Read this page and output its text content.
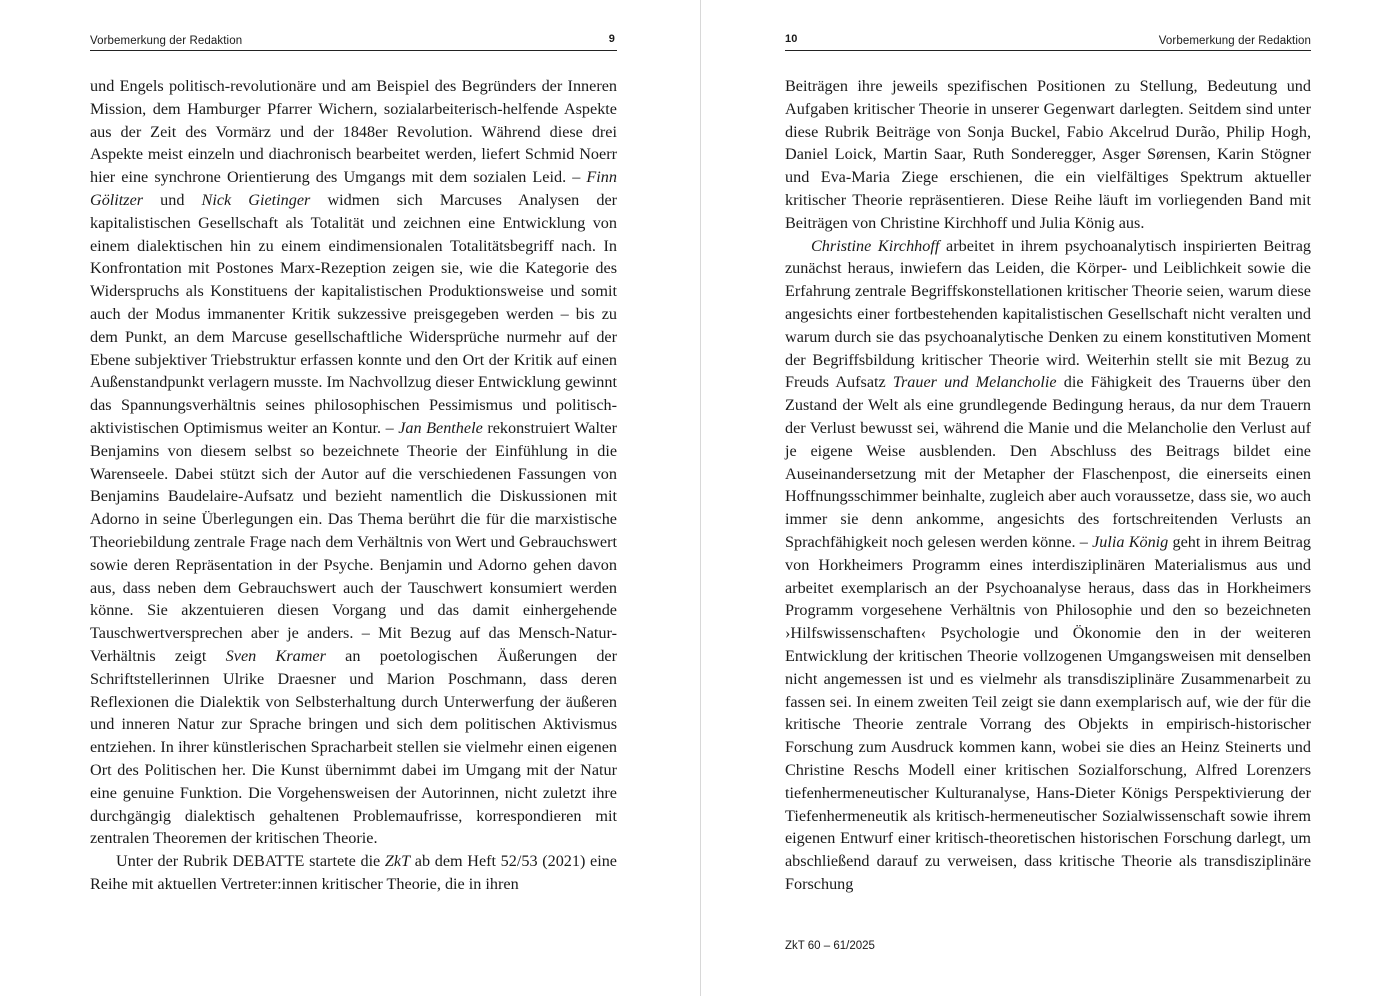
Vorbemerkung der Redaktion	9

und Engels politisch-revolutionäre und am Beispiel des Begründers der Inneren Mission, dem Hamburger Pfarrer Wichern, sozialarbeiterisch-helfende Aspekte aus der Zeit des Vormärz und der 1848er Revolution. Während diese drei Aspekte meist einzeln und diachronisch bearbeitet werden, liefert Schmid Noerr hier eine synchrone Orientierung des Umgangs mit dem sozialen Leid. – Finn Gölitzer und Nick Gietinger widmen sich Marcuses Analysen der kapitalistischen Gesellschaft als Totalität und zeichnen eine Entwicklung von einem dialektischen hin zu einem eindimensionalen Totalitätsbegriff nach. In Konfrontation mit Postones Marx-Rezeption zeigen sie, wie die Kategorie des Widerspruchs als Konstituens der kapitalistischen Produktionsweise und somit auch der Modus immanenter Kritik sukzessive preisgegeben werden – bis zu dem Punkt, an dem Marcuse gesellschaftliche Widersprüche nurmehr auf der Ebene subjektiver Triebstruktur erfassen konnte und den Ort der Kritik auf einen Außenstandpunkt verlagern musste. Im Nachvollzug dieser Entwicklung gewinnt das Spannungsverhältnis seines philosophischen Pessimismus und politisch-aktivistischen Optimismus weiter an Kontur. – Jan Benthele rekonstruiert Walter Benjamins von diesem selbst so bezeichnete Theorie der Einfühlung in die Warenseele. Dabei stützt sich der Autor auf die verschiedenen Fassungen von Benjamins Baudelaire-Aufsatz und bezieht namentlich die Diskussionen mit Adorno in seine Überlegungen ein. Das Thema berührt die für die marxistische Theoriebildung zentrale Frage nach dem Verhältnis von Wert und Gebrauchswert sowie deren Repräsentation in der Psyche. Benjamin und Adorno gehen davon aus, dass neben dem Gebrauchswert auch der Tauschwert konsumiert werden könne. Sie akzentuieren diesen Vorgang und das damit einhergehende Tauschwertversprechen aber je anders. – Mit Bezug auf das Mensch-Natur-Verhältnis zeigt Sven Kramer an poetologischen Äußerungen der Schriftstellerinnen Ulrike Draesner und Marion Poschmann, dass deren Reflexionen die Dialektik von Selbsterhaltung durch Unterwerfung der äußeren und inneren Natur zur Sprache bringen und sich dem politischen Aktivismus entziehen. In ihrer künstlerischen Spracharbeit stellen sie vielmehr einen eigenen Ort des Politischen her. Die Kunst übernimmt dabei im Umgang mit der Natur eine genuine Funktion. Die Vorgehensweisen der Autorinnen, nicht zuletzt ihre durchgängig dialektisch gehaltenen Problemaufrisse, korrespondieren mit zentralen Theoremen der kritischen Theorie.

Unter der Rubrik DEBATTE startete die ZkT ab dem Heft 52/53 (2021) eine Reihe mit aktuellen Vertreter:innen kritischer Theorie, die in ihren

10	Vorbemerkung der Redaktion

Beiträgen ihre jeweils spezifischen Positionen zu Stellung, Bedeutung und Aufgaben kritischer Theorie in unserer Gegenwart darlegten. Seitdem sind unter diese Rubrik Beiträge von Sonja Buckel, Fabio Akcelrud Durão, Philip Hogh, Daniel Loick, Martin Saar, Ruth Sonderegger, Asger Sørensen, Karin Stögner und Eva-Maria Ziege erschienen, die ein vielfältiges Spektrum aktueller kritischer Theorie repräsentieren. Diese Reihe läuft im vorliegenden Band mit Beiträgen von Christine Kirchhoff und Julia König aus.

Christine Kirchhoff arbeitet in ihrem psychoanalytisch inspirierten Beitrag zunächst heraus, inwiefern das Leiden, die Körper- und Leiblichkeit sowie die Erfahrung zentrale Begriffskonstellationen kritischer Theorie seien, warum diese angesichts einer fortbestehenden kapitalistischen Gesellschaft nicht veralten und warum durch sie das psychoanalytische Denken zu einem konstitutiven Moment der Begriffsbildung kritischer Theorie wird. Weiterhin stellt sie mit Bezug zu Freuds Aufsatz Trauer und Melancholie die Fähigkeit des Trauerns über den Zustand der Welt als eine grundlegende Bedingung heraus, da nur dem Trauern der Verlust bewusst sei, während die Manie und die Melancholie den Verlust auf je eigene Weise ausblenden. Den Abschluss des Beitrags bildet eine Auseinandersetzung mit der Metapher der Flaschenpost, die einerseits einen Hoffnungsschimmer beinhalte, zugleich aber auch voraussetze, dass sie, wo auch immer sie denn ankomme, angesichts des fortschreitenden Verlusts an Sprachfähigkeit noch gelesen werden könne. – Julia König geht in ihrem Beitrag von Horkheimers Programm eines interdisziplinären Materialismus aus und arbeitet exemplarisch an der Psychoanalyse heraus, dass das in Horkheimers Programm vorgesehene Verhältnis von Philosophie und den so bezeichneten ›Hilfswissenschaften‹ Psychologie und Ökonomie den in der weiteren Entwicklung der kritischen Theorie vollzogenen Umgangsweisen mit denselben nicht angemessen ist und es vielmehr als transdisziplinäre Zusammenarbeit zu fassen sei. In einem zweiten Teil zeigt sie dann exemplarisch auf, wie der für die kritische Theorie zentrale Vorrang des Objekts in empirisch-historischer Forschung zum Ausdruck kommen kann, wobei sie dies an Heinz Steinerts und Christine Reschs Modell einer kritischen Sozialforschung, Alfred Lorenzers tiefenhermeneutischer Kulturanalyse, Hans-Dieter Königs Perspektivierung der Tiefenhermeneutik als kritisch-hermeneutischer Sozialwissenschaft sowie ihrem eigenen Entwurf einer kritisch-theoretischen historischen Forschung darlegt, um abschließend darauf zu verweisen, dass kritische Theorie als transdisziplinäre Forschung

ZkT 60 – 61/2025
